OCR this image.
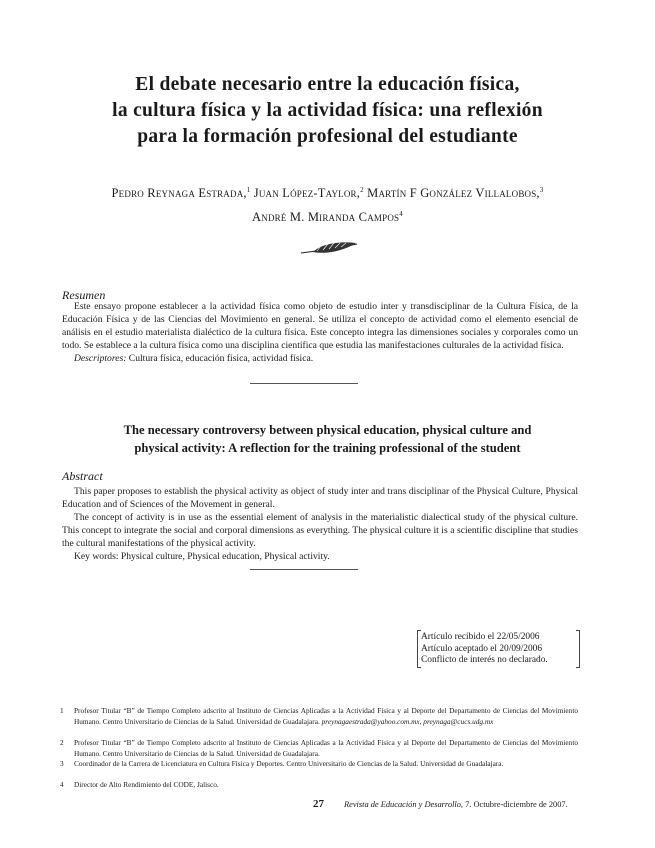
El debate necesario entre la educación física,
la cultura física y la actividad física: una reflexión
para la formación profesional del estudiante
Pedro Reynaga Estrada,$^1$ Juan López-Taylor,$^2$ Martín F González Villalobos,$^3$
André M. Miranda Campos$^4$
Resumen

Este ensayo propone establecer a la actividad física como objeto de estudio inter y transdisciplinar de la Cultura Física, de la Educación Física y de las Ciencias del Movimiento en general. Se utiliza el concepto de actividad como el elemento esencial de análisis en el estudio materialista dialéctico de la cultura física. Este concepto integra las dimensiones sociales y corporales como un todo. Se establece a la cultura física como una disciplina científica que estudia las manifestaciones culturales de la actividad física.

Descriptores: Cultura física, educación física, actividad física.

The necessary controversy between physical education, physical culture and
physical activity: A reflection for the training professional of the student
Abstract

This paper proposes to establish the physical activity as object of study inter and trans disciplinar of the Physical Culture, Physical Education and of Sciences of the Movement in general.

The concept of activity is in use as the essential element of analysis in the materialistic dialectical study of the physical culture. This concept to integrate the social and corporal dimensions as everything. The physical culture it is a scientific discipline that studies the cultural manifestations of the physical activity.

Key words: Physical culture, Physical education, Physical activity.

Artículo recibido el 22/05/2006
Artículo aceptado el 20/09/2006
Conflicto de interés no declarado.
1 Profesor Titular “B” de Tiempo Completo adscrito al Instituto de Ciencias Aplicadas a la Actividad Física y al Deporte del Departamento de Ciencias del Movimiento Humano. Centro Universitario de Ciencias de la Salud. Universidad de Guadalajara. preynagaestrada@yahoo.com.mx, preynaga@cucs.udg.mx
2 Profesor Titular “B” de Tiempo Completo adscrito al Instituto de Ciencias Aplicadas a la Actividad Física y al Deporte del Departamento de Ciencias del Movimiento Humano. Centro Universitario de Ciencias de la Salud. Universidad de Guadalajara.
3 Coordinador de la Carrera de Licenciatura en Cultura Física y Deportes. Centro Universitario de Ciencias de la Salud. Universidad de Guadalajara.
4 Director de Alto Rendimiento del CODE, Jalisco.
27 Revista de Educación y Desarrollo, 7. Octubre-diciembre de 2007.
